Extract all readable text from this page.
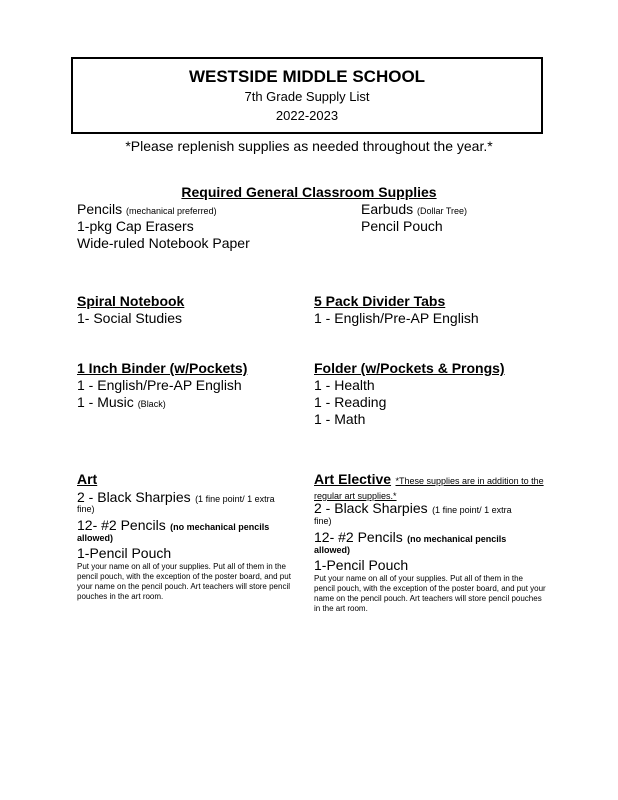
WESTSIDE MIDDLE SCHOOL
7th Grade Supply List
2022-2023
*Please replenish supplies as needed throughout the year.*
Required General Classroom Supplies
Pencils (mechanical preferred)
1-pkg Cap Erasers
Wide-ruled Notebook Paper
Earbuds (Dollar Tree)
Pencil Pouch
Spiral Notebook
1- Social Studies
5 Pack Divider Tabs
1 - English/Pre-AP English
1 Inch Binder (w/Pockets)
1 - English/Pre-AP English
1 - Music (Black)
Folder (w/Pockets & Prongs)
1 - Health
1 - Reading
1 - Math
Art
2 - Black Sharpies (1 fine point/ 1 extra
fine)
12- #2 Pencils (no mechanical pencils
allowed)
1-Pencil Pouch
Put your name on all of your supplies. Put all of them in the pencil pouch, with the exception of the poster board, and put your name on the pencil pouch. Art teachers will store pencil pouches in the art room.
Art Elective *These supplies are in addition to the regular art supplies.*
2 - Black Sharpies (1 fine point/ 1 extra
fine)
12- #2 Pencils (no mechanical pencils
allowed)
1-Pencil Pouch
Put your name on all of your supplies. Put all of them in the pencil pouch, with the exception of the poster board, and put your name on the pencil pouch. Art teachers will store pencil pouches in the art room.
